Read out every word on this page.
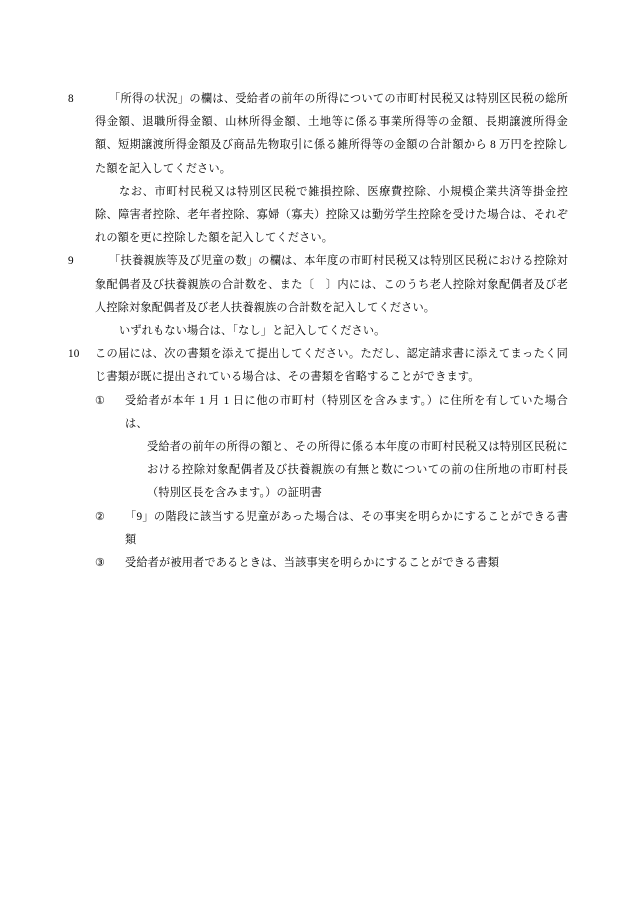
8	「所得の状況」の欄は、受給者の前年の所得についての市町村民税又は特別区民税の総所得金額、退職所得金額、山林所得金額、土地等に係る事業所得等の金額、長期譲渡所得金額、短期譲渡所得金額及び商品先物取引に係る雑所得等の金額の合計額から 8 万円を控除した額を記入してください。

なお、市町村民税又は特別区民税で雑損控除、医療費控除、小規模企業共済等掛金控除、障害者控除、老年者控除、寡婦（寡夫）控除又は勤労学生控除を受けた場合は、それぞれの額を更に控除した額を記入してください。

9	「扶養親族等及び児童の数」の欄は、本年度の市町村民税又は特別区民税における控除対象配偶者及び扶養親族の合計数を、また〔　〕内には、このうち老人控除対象配偶者及び老人控除対象配偶者及び老人扶養親族の合計数を記入してください。

いずれもない場合は、「なし」と記入してください。

10	この届には、次の書類を添えて提出してください。ただし、認定請求書に添えてまったく同じ書類が既に提出されている場合は、その書類を省略することができます。

①	受給者が本年 1 月 1 日に他の市町村（特別区を含みます。）に住所を有していた場合は、

受給者の前年の所得の額と、その所得に係る本年度の市町村民税又は特別区民税における控除対象配偶者及び扶養親族の有無と数についての前の住所地の市町村長（特別区長を含みます。）の証明書

②	「9」の階段に該当する児童があった場合は、その事実を明らかにすることができる書類

③	受給者が被用者であるときは、当該事実を明らかにすることができる書類
